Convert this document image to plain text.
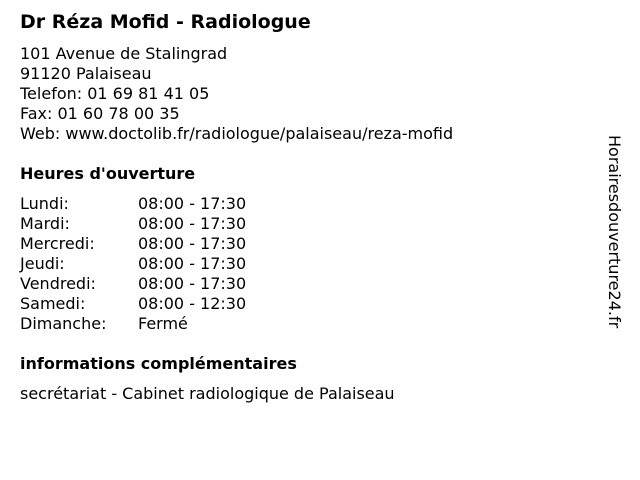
Dr Réza Mofid - Radiologue
101 Avenue de Stalingrad
91120 Palaiseau
Telefon: 01 69 81 41 05
Fax: 01 60 78 00 35
Web: www.doctolib.fr/radiologue/palaiseau/reza-mofid
Heures d'ouverture
Lundi:	08:00 - 17:30
Mardi:	08:00 - 17:30
Mercredi:	08:00 - 17:30
Jeudi:	08:00 - 17:30
Vendredi:	08:00 - 17:30
Samedi:	08:00 - 12:30
Dimanche: Fermé
informations complémentaires
secrétariat - Cabinet radiologique de Palaiseau
Horairesdouverture24.fr
